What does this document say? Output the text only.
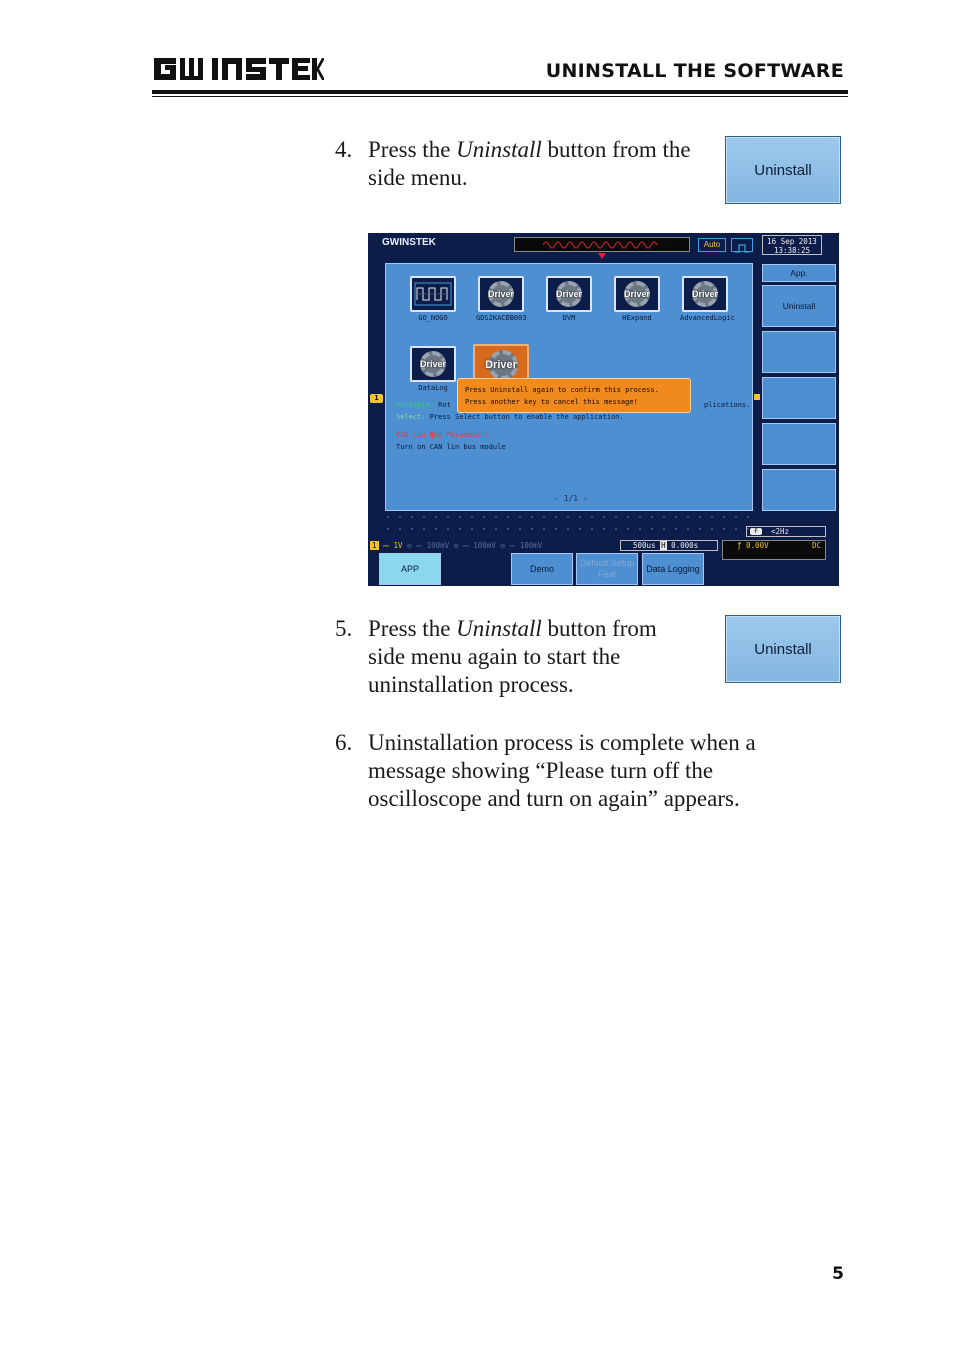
UNINSTALL THE SOFTWARE
4. Press the Uninstall button from the
side menu.	Uninstall
GWINSTEK	Auto	16 Sep 2013
13:38:25
GO_NOGO
Driver
GDS2KACDB003
Driver
DVM
Driver
HExpand
Driver
AdvancedLogic
Driver
DataLog
Driver
Variable: Rot	plications.
Select: Press Select button to enable the application.
CAN Lin Bus Parameter:
Turn on CAN lin bus module
- 1/1 -
Press Uninstall again to confirm this process.
Press another key to cancel this message!
1
App.
Uninstall
F <2Hz
1 ⎓ 1V ◎ ⎓ 100mV ◎ ⎓ 100mV ◎ ⎓ 100mV	500us H 0.000s	ƒ 0.00V	DC
APP	Demo
Default Setup Feat
Data Logging
5. Press the Uninstall button from
side menu again to start the
uninstallation process.
Uninstall
6. Uninstallation process is complete when a
message showing “Please turn off the
oscilloscope and turn on again” appears.
5
